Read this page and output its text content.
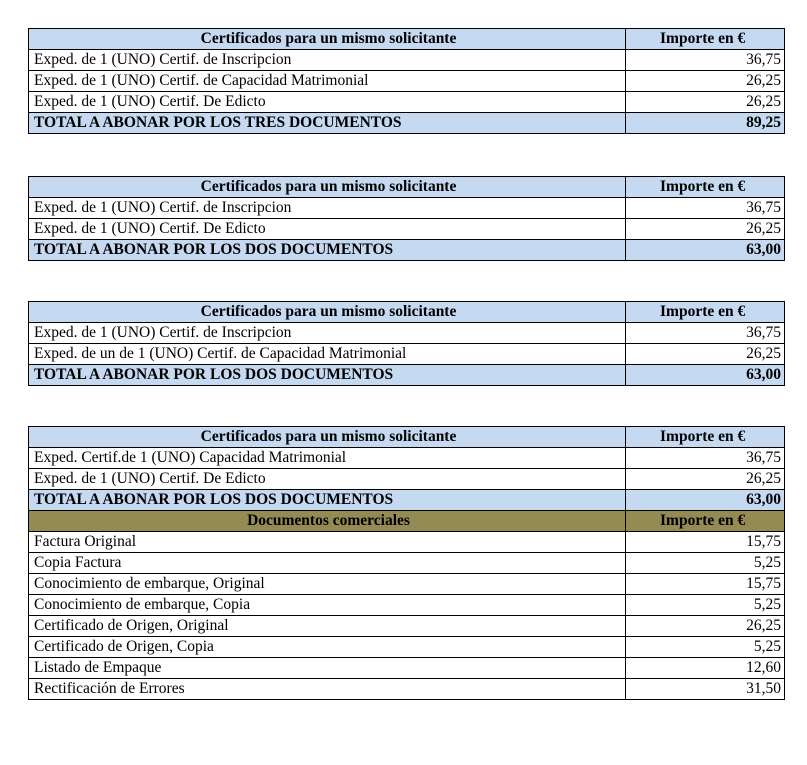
Certificados para un mismo solicitante	Importe en €
Exped. de 1 (UNO) Certif. de Inscripcion	36,75
Exped. de 1 (UNO) Certif. de Capacidad Matrimonial	26,25
Exped. de 1 (UNO) Certif. De Edicto	26,25
TOTAL A ABONAR POR LOS TRES DOCUMENTOS	89,25
Certificados para un mismo solicitante	Importe en €
Exped. de 1 (UNO) Certif. de Inscripcion	36,75
Exped. de 1 (UNO) Certif. De Edicto	26,25
TOTAL A ABONAR POR LOS DOS DOCUMENTOS	63,00
Certificados para un mismo solicitante	Importe en €
Exped. de 1 (UNO) Certif. de Inscripcion	36,75
Exped. de un de 1 (UNO) Certif. de Capacidad Matrimonial	26,25
TOTAL A ABONAR POR LOS DOS DOCUMENTOS	63,00
Certificados para un mismo solicitante	Importe en €
Exped. Certif.de 1 (UNO) Capacidad Matrimonial	36,75
Exped. de 1 (UNO) Certif. De Edicto	26,25
TOTAL A ABONAR POR LOS DOS DOCUMENTOS	63,00
Documentos comerciales	Importe en €
Factura Original	15,75
Copia Factura	5,25
Conocimiento de embarque, Original	15,75
Conocimiento de embarque, Copia	5,25
Certificado de Origen, Original	26,25
Certificado de Origen, Copia	5,25
Listado de Empaque	12,60
Rectificación de Errores	31,50
